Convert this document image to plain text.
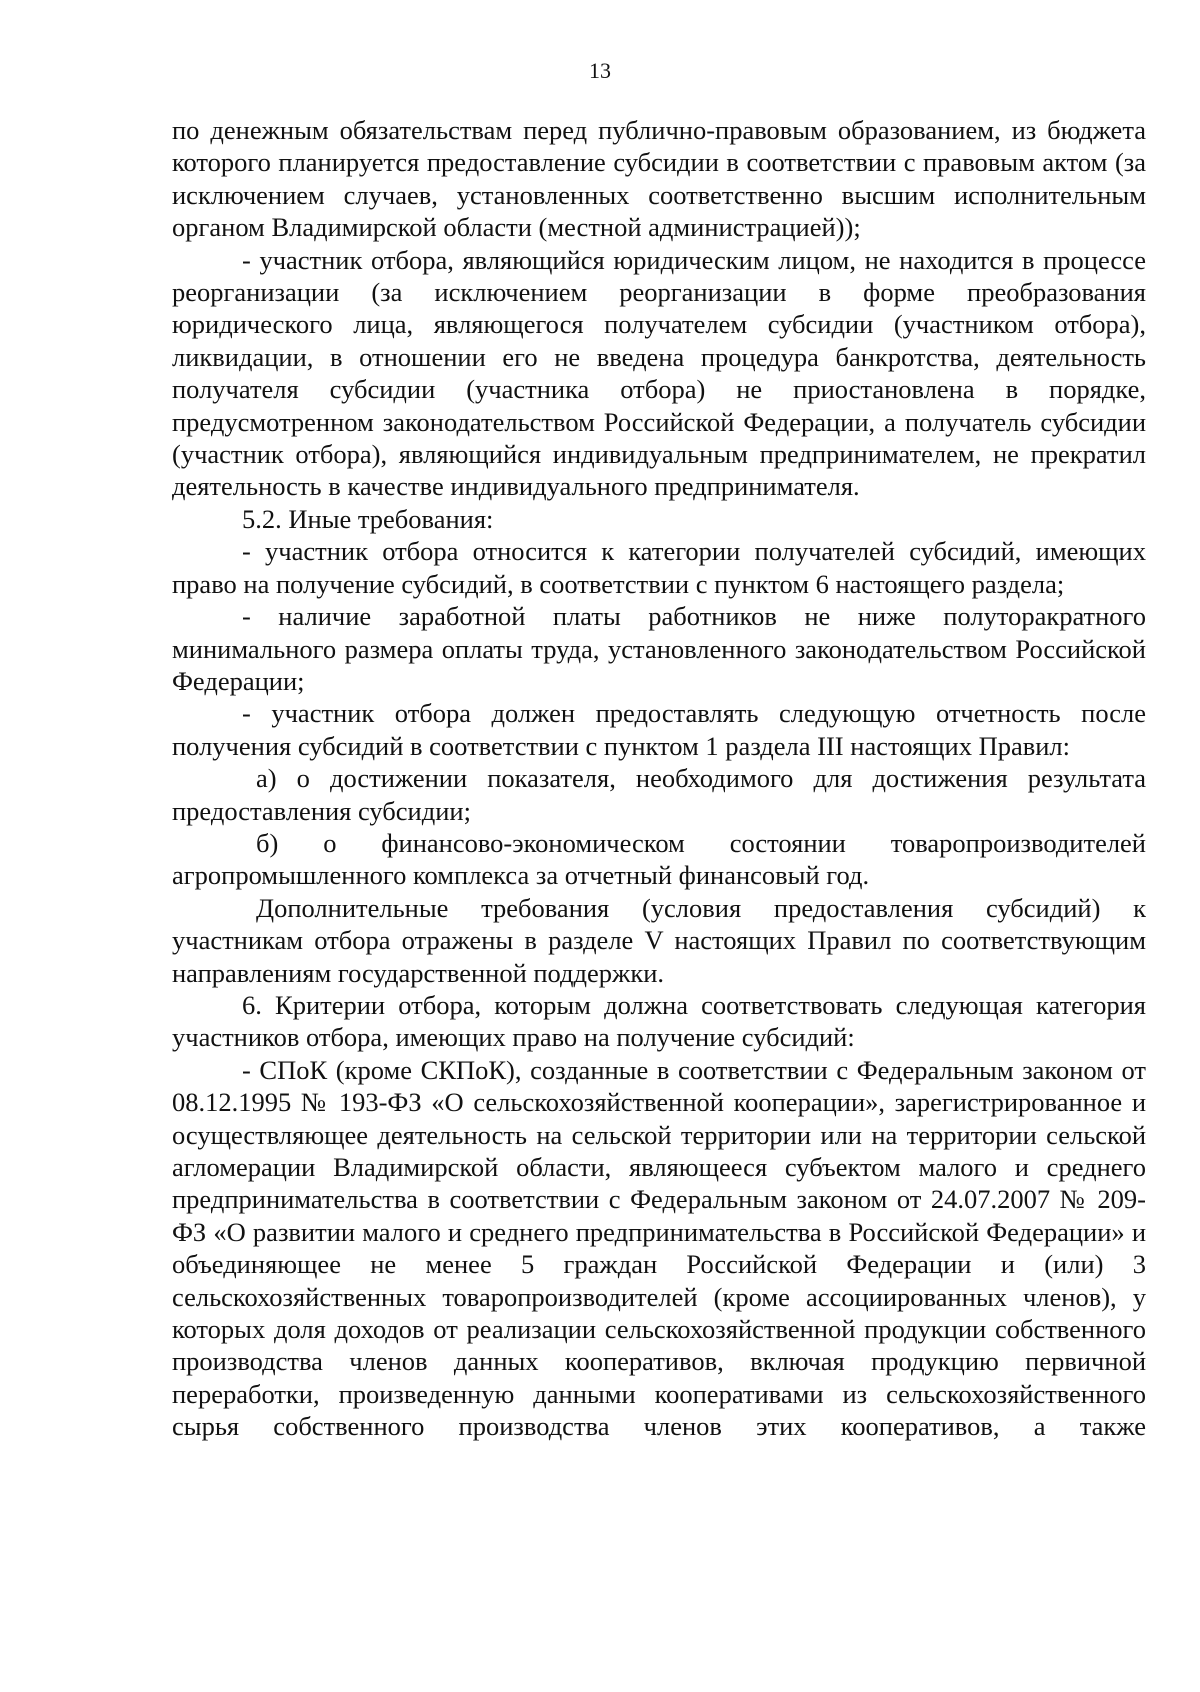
13

по денежным обязательствам перед публично-правовым образованием, из бюджета которого планируется предоставление субсидии в соответствии с правовым актом (за исключением случаев, установленных соответственно высшим исполнительным органом Владимирской области (местной администрацией));

- участник отбора, являющийся юридическим лицом, не находится в процессе реорганизации (за исключением реорганизации в форме преобразования юридического лица, являющегося получателем субсидии (участником отбора), ликвидации, в отношении его не введена процедура банкротства, деятельность получателя субсидии (участника отбора) не приостановлена в порядке, предусмотренном законодательством Российской Федерации, а получатель субсидии (участник отбора), являющийся индивидуальным предпринимателем, не прекратил деятельность в качестве индивидуального предпринимателя.

5.2. Иные требования:

- участник отбора относится к категории получателей субсидий, имеющих право на получение субсидий, в соответствии с пунктом 6 настоящего раздела;

- наличие заработной платы работников не ниже полуторакратного минимального размера оплаты труда, установленного законодательством Российской Федерации;

- участник отбора должен предоставлять следующую отчетность после получения субсидий в соответствии с пунктом 1 раздела III настоящих Правил:

а) о достижении показателя, необходимого для достижения результата предоставления субсидии;

б) о финансово-экономическом состоянии товаропроизводителей агропромышленного комплекса за отчетный финансовый год.

Дополнительные требования (условия предоставления субсидий) к участникам отбора отражены в разделе V настоящих Правил по соответствующим направлениям государственной поддержки.

6. Критерии отбора, которым должна соответствовать следующая категория участников отбора, имеющих право на получение субсидий:

- СПоК (кроме СКПоК), созданные в соответствии с Федеральным законом от 08.12.1995 № 193-ФЗ «О сельскохозяйственной кооперации», зарегистрированное и осуществляющее деятельность на сельской территории или на территории сельской агломерации Владимирской области, являющееся субъектом малого и среднего предпринимательства в соответствии с Федеральным законом от 24.07.2007 № 209-ФЗ «О развитии малого и среднего предпринимательства в Российской Федерации» и объединяющее не менее 5 граждан Российской Федерации и (или) 3 сельскохозяйственных товаропроизводителей (кроме ассоциированных членов), у которых доля доходов от реализации сельскохозяйственной продукции собственного производства членов данных кооперативов, включая продукцию первичной переработки, произведенную данными кооперативами из сельскохозяйственного сырья собственного производства членов этих кооперативов, а также
